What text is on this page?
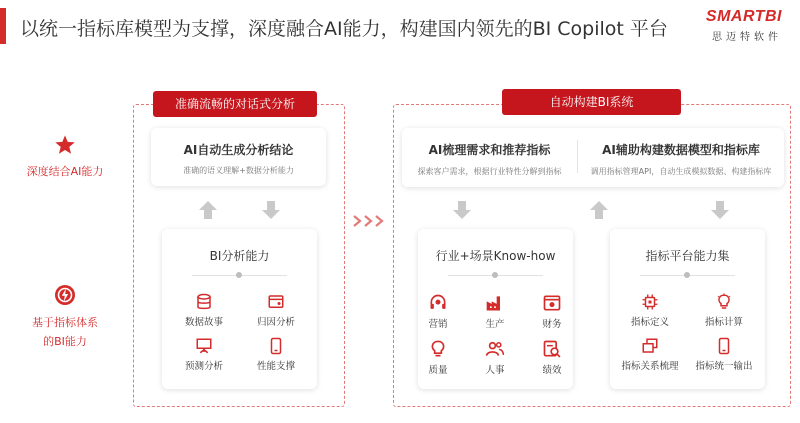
以统一指标库模型为支撑，深度融合AI能力，构建国内领先的BI Copilot 平台
SMARTBI
思迈特软件
深度结合AI能力
基于指标体系
的BI能力
准确流畅的对话式分析
AI自动生成分析结论
准确的语义理解+数据分析能力
BI分析能力
数据故事	归因分析
预测分析	性能支撑
自动构建BI系统
AI梳理需求和推荐指标
探索客户需求，根据行业特性分解到指标
AI辅助构建数据模型和指标库
调用指标管理API，自动生成模拟数据、构建指标库
行业+场景Know-how
营销	生产	财务
质量	人事	绩效
指标平台能力集
指标定义	指标计算
指标关系梳理	指标统一输出
